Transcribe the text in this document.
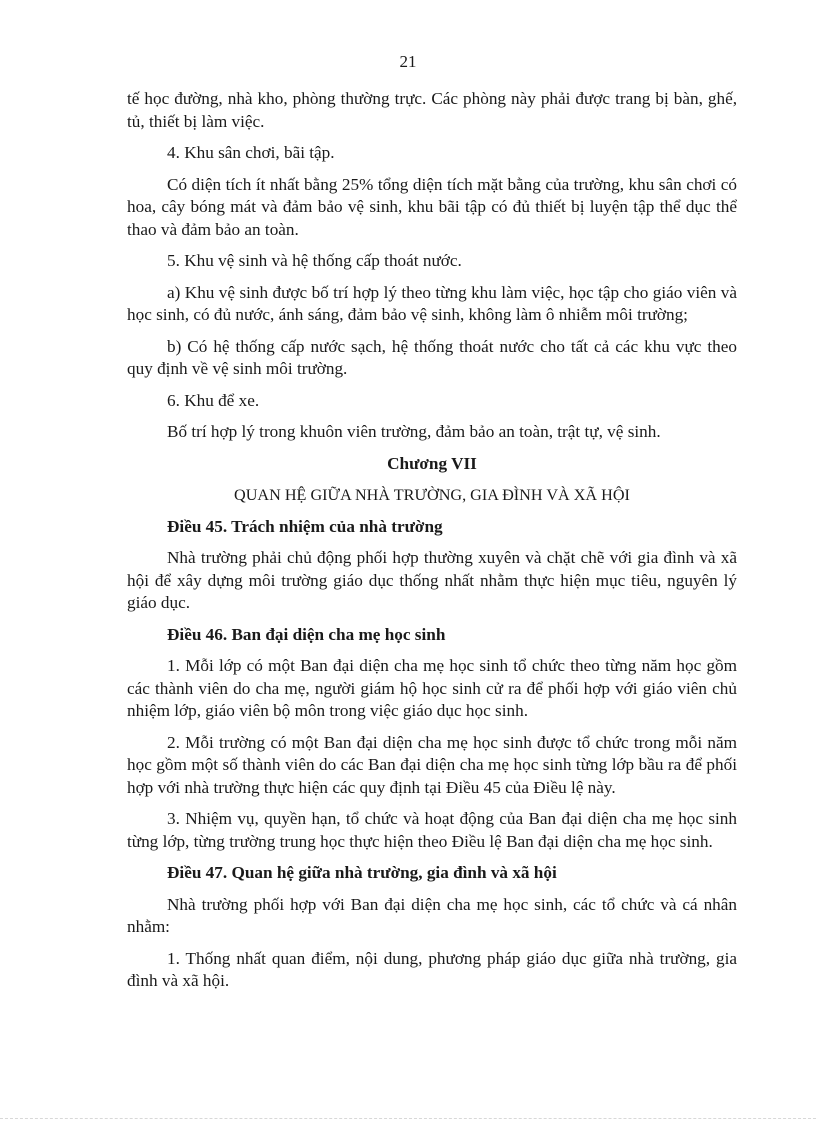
21

tế học đường, nhà kho, phòng thường trực. Các phòng này phải được trang bị bàn, ghế, tủ, thiết bị làm việc.

4. Khu sân chơi, bãi tập.

Có diện tích ít nhất bằng 25% tổng diện tích mặt bằng của trường, khu sân chơi có hoa, cây bóng mát và đảm bảo vệ sinh, khu bãi tập có đủ thiết bị luyện tập thể dục thể thao và đảm bảo an toàn.

5. Khu vệ sinh và hệ thống cấp thoát nước.

a) Khu vệ sinh được bố trí hợp lý theo từng khu làm việc, học tập cho giáo viên và học sinh, có đủ nước, ánh sáng, đảm bảo vệ sinh, không làm ô nhiễm môi trường;

b) Có hệ thống cấp nước sạch, hệ thống thoát nước cho tất cả các khu vực theo quy định về vệ sinh môi trường.

6. Khu để xe.

Bố trí hợp lý trong khuôn viên trường, đảm bảo an toàn, trật tự, vệ sinh.

Chương VII

QUAN HỆ GIỮA NHÀ TRƯỜNG, GIA ĐÌNH VÀ XÃ HỘI

Điều 45. Trách nhiệm của nhà trường

Nhà trường phải chủ động phối hợp thường xuyên và chặt chẽ với gia đình và xã hội để xây dựng môi trường giáo dục thống nhất nhằm thực hiện mục tiêu, nguyên lý giáo dục.

Điều 46. Ban đại diện cha mẹ học sinh

1. Mỗi lớp có một Ban đại diện cha mẹ học sinh tổ chức theo từng năm học gồm các thành viên do cha mẹ, người giám hộ học sinh cử ra để phối hợp với giáo viên chủ nhiệm lớp, giáo viên bộ môn trong việc giáo dục học sinh.

2. Mỗi trường có một Ban đại diện cha mẹ học sinh được tổ chức trong mỗi năm học gồm một số thành viên do các Ban đại diện cha mẹ học sinh từng lớp bầu ra để phối hợp với nhà trường thực hiện các quy định tại Điều 45 của Điều lệ này.

3. Nhiệm vụ, quyền hạn, tổ chức và hoạt động của Ban đại diện cha mẹ học sinh từng lớp, từng trường trung học thực hiện theo Điều lệ Ban đại diện cha mẹ học sinh.

Điều 47. Quan hệ giữa nhà trường, gia đình và xã hội

Nhà trường phối hợp với Ban đại diện cha mẹ học sinh, các tổ chức và cá nhân nhằm:

1. Thống nhất quan điểm, nội dung, phương pháp giáo dục giữa nhà trường, gia đình và xã hội.
